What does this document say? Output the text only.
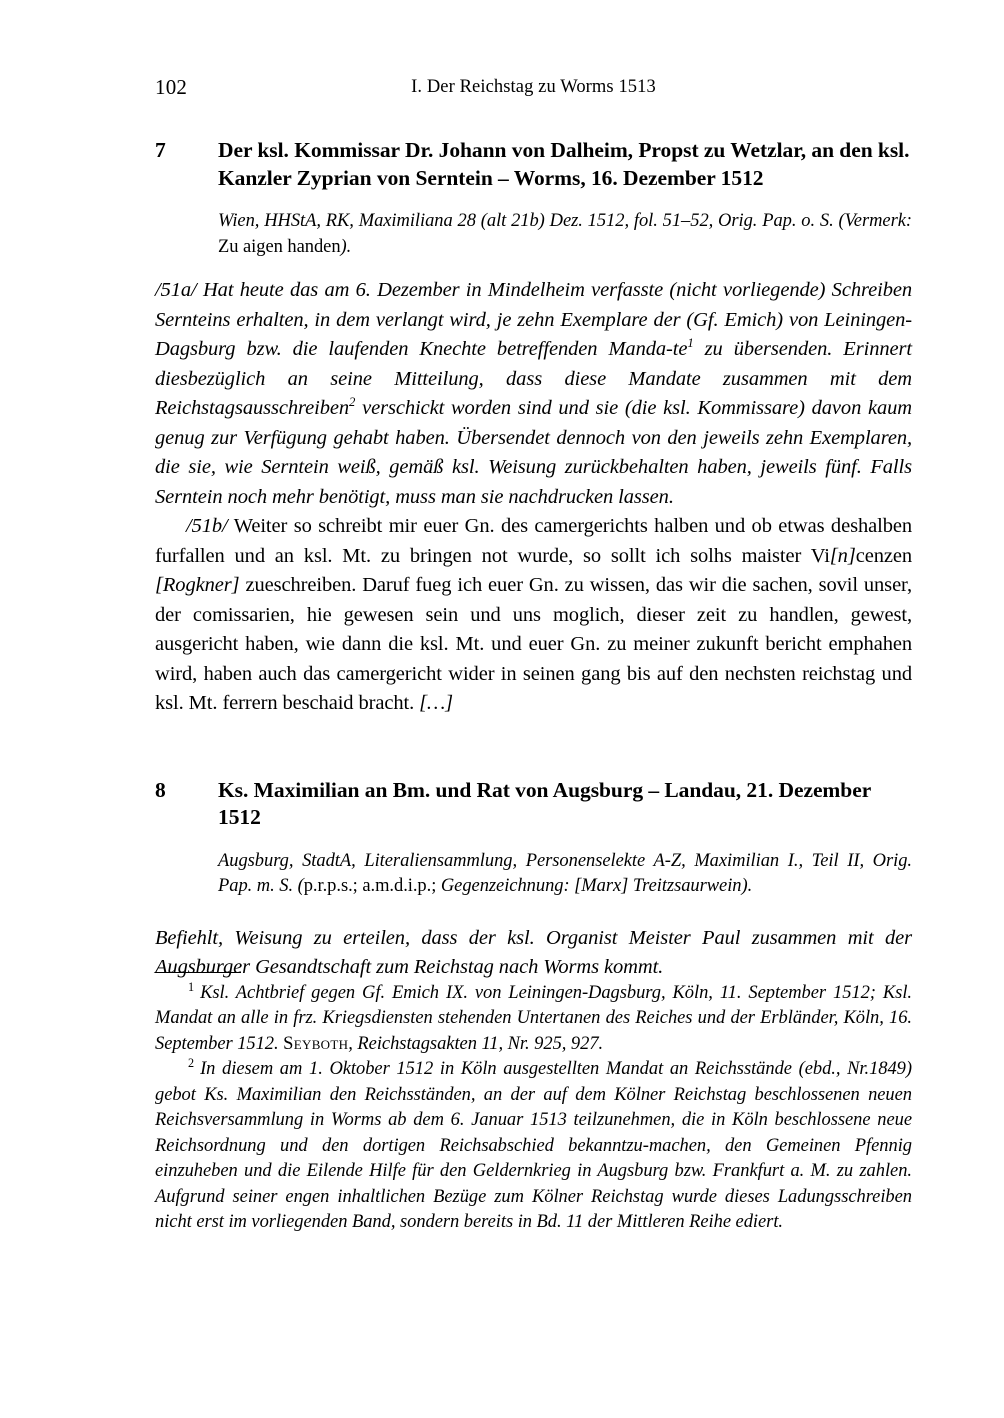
102	I. Der Reichstag zu Worms 1513
7	Der ksl. Kommissar Dr. Johann von Dalheim, Propst zu Wetzlar, an den ksl. Kanzler Zyprian von Serntein – Worms, 16. Dezember 1512
Wien, HHStA, RK, Maximiliana 28 (alt 21b) Dez. 1512, fol. 51–52, Orig. Pap. o. S. (Vermerk: Zu aigen handen).
/51a/ Hat heute das am 6. Dezember in Mindelheim verfasste (nicht vorliegende) Schreiben Sernteins erhalten, in dem verlangt wird, je zehn Exemplare der (Gf. Emich) von Leiningen-Dagsburg bzw. die laufenden Knechte betreffenden Manda-$te^1$ zu übersenden. Erinnert diesbezüglich an seine Mitteilung, dass diese Mandate zusammen mit dem Reichstagsausschreiben$^2$ verschickt worden sind und sie (die ksl. Kommissare) davon kaum genug zur Verfügung gehabt haben. Übersendet dennoch von den jeweils zehn Exemplaren, die sie, wie Serntein weiß, gemäß ksl. Weisung zurückbehalten haben, jeweils fünf. Falls Serntein noch mehr benötigt, muss man sie nachdrucken lassen.

/51b/ Weiter so schreibt mir euer Gn. des camergerichts halben und ob etwas deshalben furfallen und an ksl. Mt. zu bringen not wurde, so sollt ich solhs maister Vi[n]cenzen [Rogkner] zueschreiben. Daruf fueg ich euer Gn. zu wissen, das wir die sachen, sovil unser, der comissarien, hie gewesen sein und uns moglich, dieser zeit zu handlen, gewest, ausgericht haben, wie dann die ksl. Mt. und euer Gn. zu meiner zukunft bericht emphahen wird, haben auch das camergericht wider in seinen gang bis auf den nechsten reichstag und ksl. Mt. ferrern beschaid bracht. […]

8	Ks. Maximilian an Bm. und Rat von Augsburg – Landau, 21. Dezember 1512
Augsburg, StadtA, Literaliensammlung, Personenselekte A-Z, Maximilian I., Teil II, Orig. Pap. m. S. (p.r.p.s.; a.m.d.i.p.; Gegenzeichnung: [Marx] Treitzsaurwein).
Befiehlt, Weisung zu erteilen, dass der ksl. Organist Meister Paul zusammen mit der Augsburger Gesandtschaft zum Reichstag nach Worms kommt.
$^1$ Ksl. Achtbrief gegen Gf. Emich IX. von Leiningen-Dagsburg, Köln, 11. September 1512; Ksl. Mandat an alle in frz. Kriegsdiensten stehenden Untertanen des Reiches und der Erbländer, Köln, 16. September 1512. Seyboth, Reichstagsakten 11, Nr. 925, 927.
$^2$ In diesem am 1. Oktober 1512 in Köln ausgestellten Mandat an Reichsstände (ebd., Nr.1849) gebot Ks. Maximilian den Reichsständen, an der auf dem Kölner Reichstag beschlossenen neuen Reichsversammlung in Worms ab dem 6. Januar 1513 teilzunehmen, die in Köln beschlossene neue Reichsordnung und den dortigen Reichsabschied bekanntzu-machen, den Gemeinen Pfennig einzuheben und die Eilende Hilfe für den Geldernkrieg in Augsburg bzw. Frankfurt a. M. zu zahlen. Aufgrund seiner engen inhaltlichen Bezüge zum Kölner Reichstag wurde dieses Ladungsschreiben nicht erst im vorliegenden Band, sondern bereits in Bd. 11 der Mittleren Reihe ediert.
